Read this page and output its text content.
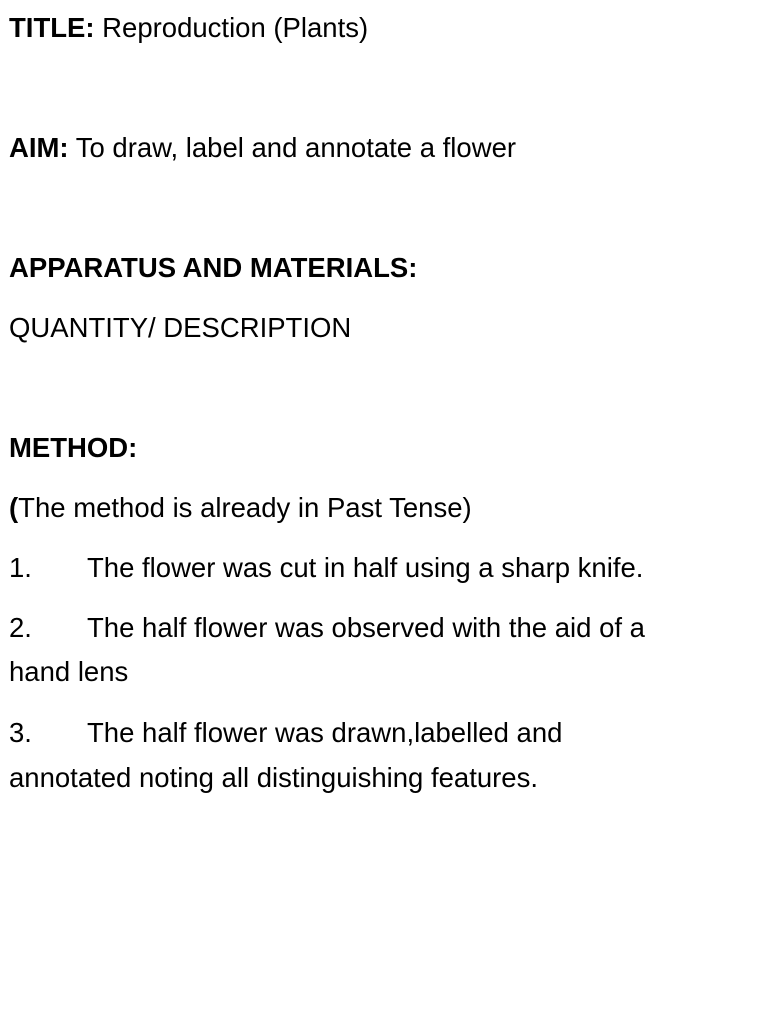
TITLE: Reproduction (Plants)

AIM: To draw, label and annotate a flower

APPARATUS AND MATERIALS:

QUANTITY/ DESCRIPTION

METHOD:

(The method is already in Past Tense)

1. The flower was cut in half using a sharp knife.

2. The half flower was observed with the aid of a

hand lens

3. The half flower was drawn,labelled and

annotated noting all distinguishing features.
